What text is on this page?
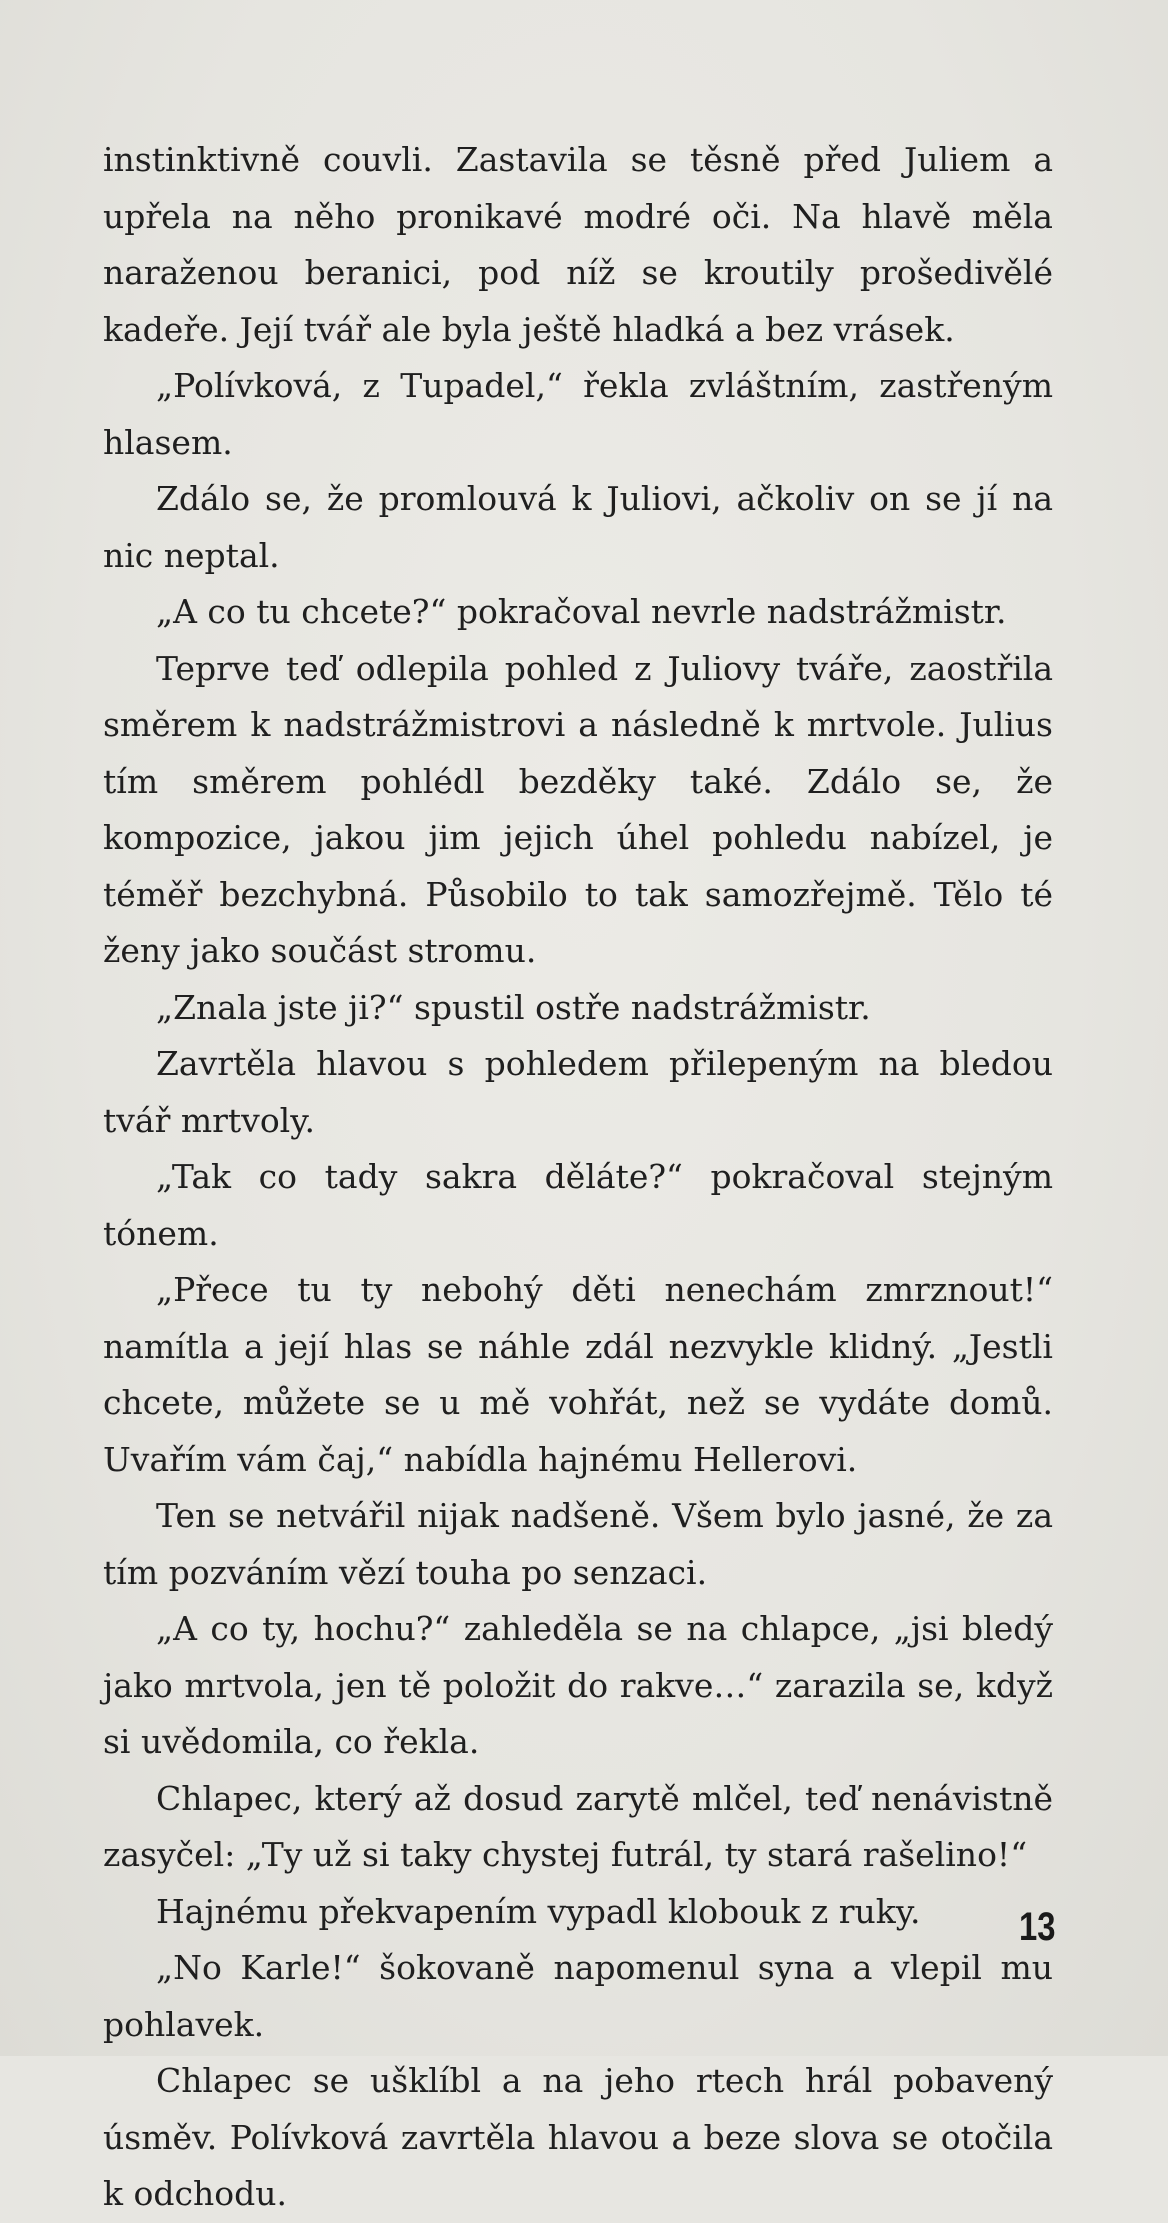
instinktivně couvli. Zastavila se těsně před Juliem a upřela na něho pronikavé modré oči. Na hlavě měla naraženou beranici, pod níž se kroutily prošedivělé kadeře. Její tvář ale byla ještě hladká a bez vrásek.

„Polívková, z Tupadel,“ řekla zvláštním, zastřeným hlasem.

Zdálo se, že promlouvá k Juliovi, ačkoliv on se jí na nic neptal.

„A co tu chcete?“ pokračoval nevrle nadstrážmistr.

Teprve teď odlepila pohled z Juliovy tváře, zaostřila směrem k nadstrážmistrovi a následně k mrtvole. Julius tím směrem pohlédl bezděky také. Zdálo se, že kompozice, jakou jim jejich úhel pohledu nabízel, je téměř bezchybná. Působilo to tak samozřejmě. Tělo té ženy jako součást stromu.

„Znala jste ji?“ spustil ostře nadstrážmistr.

Zavrtěla hlavou s pohledem přilepeným na bledou tvář mrtvoly.

„Tak co tady sakra děláte?“ pokračoval stejným tónem.

„Přece tu ty nebohý děti nenechám zmrznout!“ namítla a její hlas se náhle zdál nezvykle klidný. „Jestli chcete, můžete se u mě vohřát, než se vydáte domů. Uvařím vám čaj,“ nabídla hajnému Hellerovi.

Ten se netvářil nijak nadšeně. Všem bylo jasné, že za tím pozváním vězí touha po senzaci.

„A co ty, hochu?“ zahleděla se na chlapce, „jsi bledý jako mrtvola, jen tě položit do rakve…“ zarazila se, když si uvědomila, co řekla.

Chlapec, který až dosud zarytě mlčel, teď nenávistně zasyčel: „Ty už si taky chystej futrál, ty stará rašelino!“

Hajnému překvapením vypadl klobouk z ruky.

„No Karle!“ šokovaně napomenul syna a vlepil mu pohlavek.

Chlapec se ušklíbl a na jeho rtech hrál pobavený úsměv. Polívková zavrtěla hlavou a beze slova se otočila k odchodu.

13
